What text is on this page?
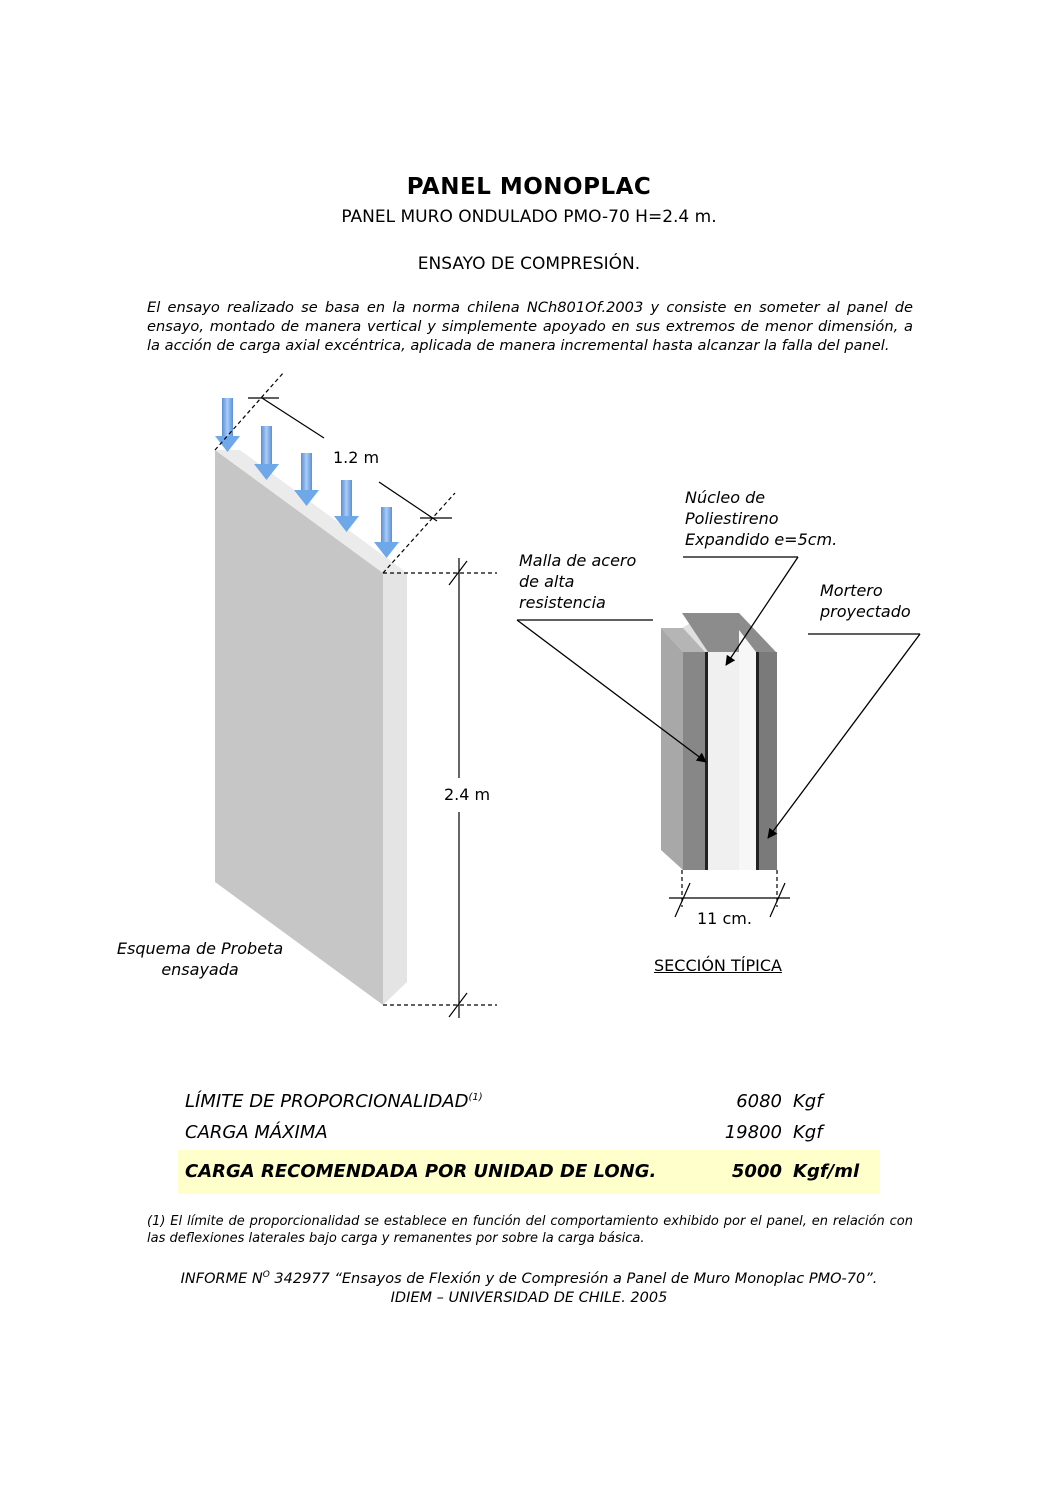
PANEL MONOPLAC
PANEL MURO ONDULADO PMO-70 H=2.4 m.
ENSAYO DE COMPRESIÓN.
El ensayo realizado se basa en la norma chilena NCh801Of.2003 y consiste en someter al panel de ensayo, montado de manera vertical y simplemente apoyado en sus extremos de menor dimensión, a la acción de carga axial excéntrica, aplicada de manera incremental hasta alcanzar la falla del panel.
1.2 m
2.4 m
Esquema de Probeta
ensayada
Núcleo de
Poliestireno
Expandido e=5cm.
Malla de acero
de alta
resistencia
Mortero
proyectado
11 cm.
SECCIÓN TÍPICA
LÍMITE DE PROPORCIONALIDAD$^{(1)}$	6080 Kgf
CARGA MÁXIMA	19800 Kgf
CARGA RECOMENDADA POR UNIDAD DE LONG.	5000 Kgf/ml
(1) El límite de proporcionalidad se establece en función del comportamiento exhibido por el panel, en relación con las deflexiones laterales bajo carga y remanentes por sobre la carga básica.
INFORME $N^O$ 342977 “Ensayos de Flexión y de Compresión a Panel de Muro Monoplac PMO-70”.
IDIEM – UNIVERSIDAD DE CHILE. 2005
